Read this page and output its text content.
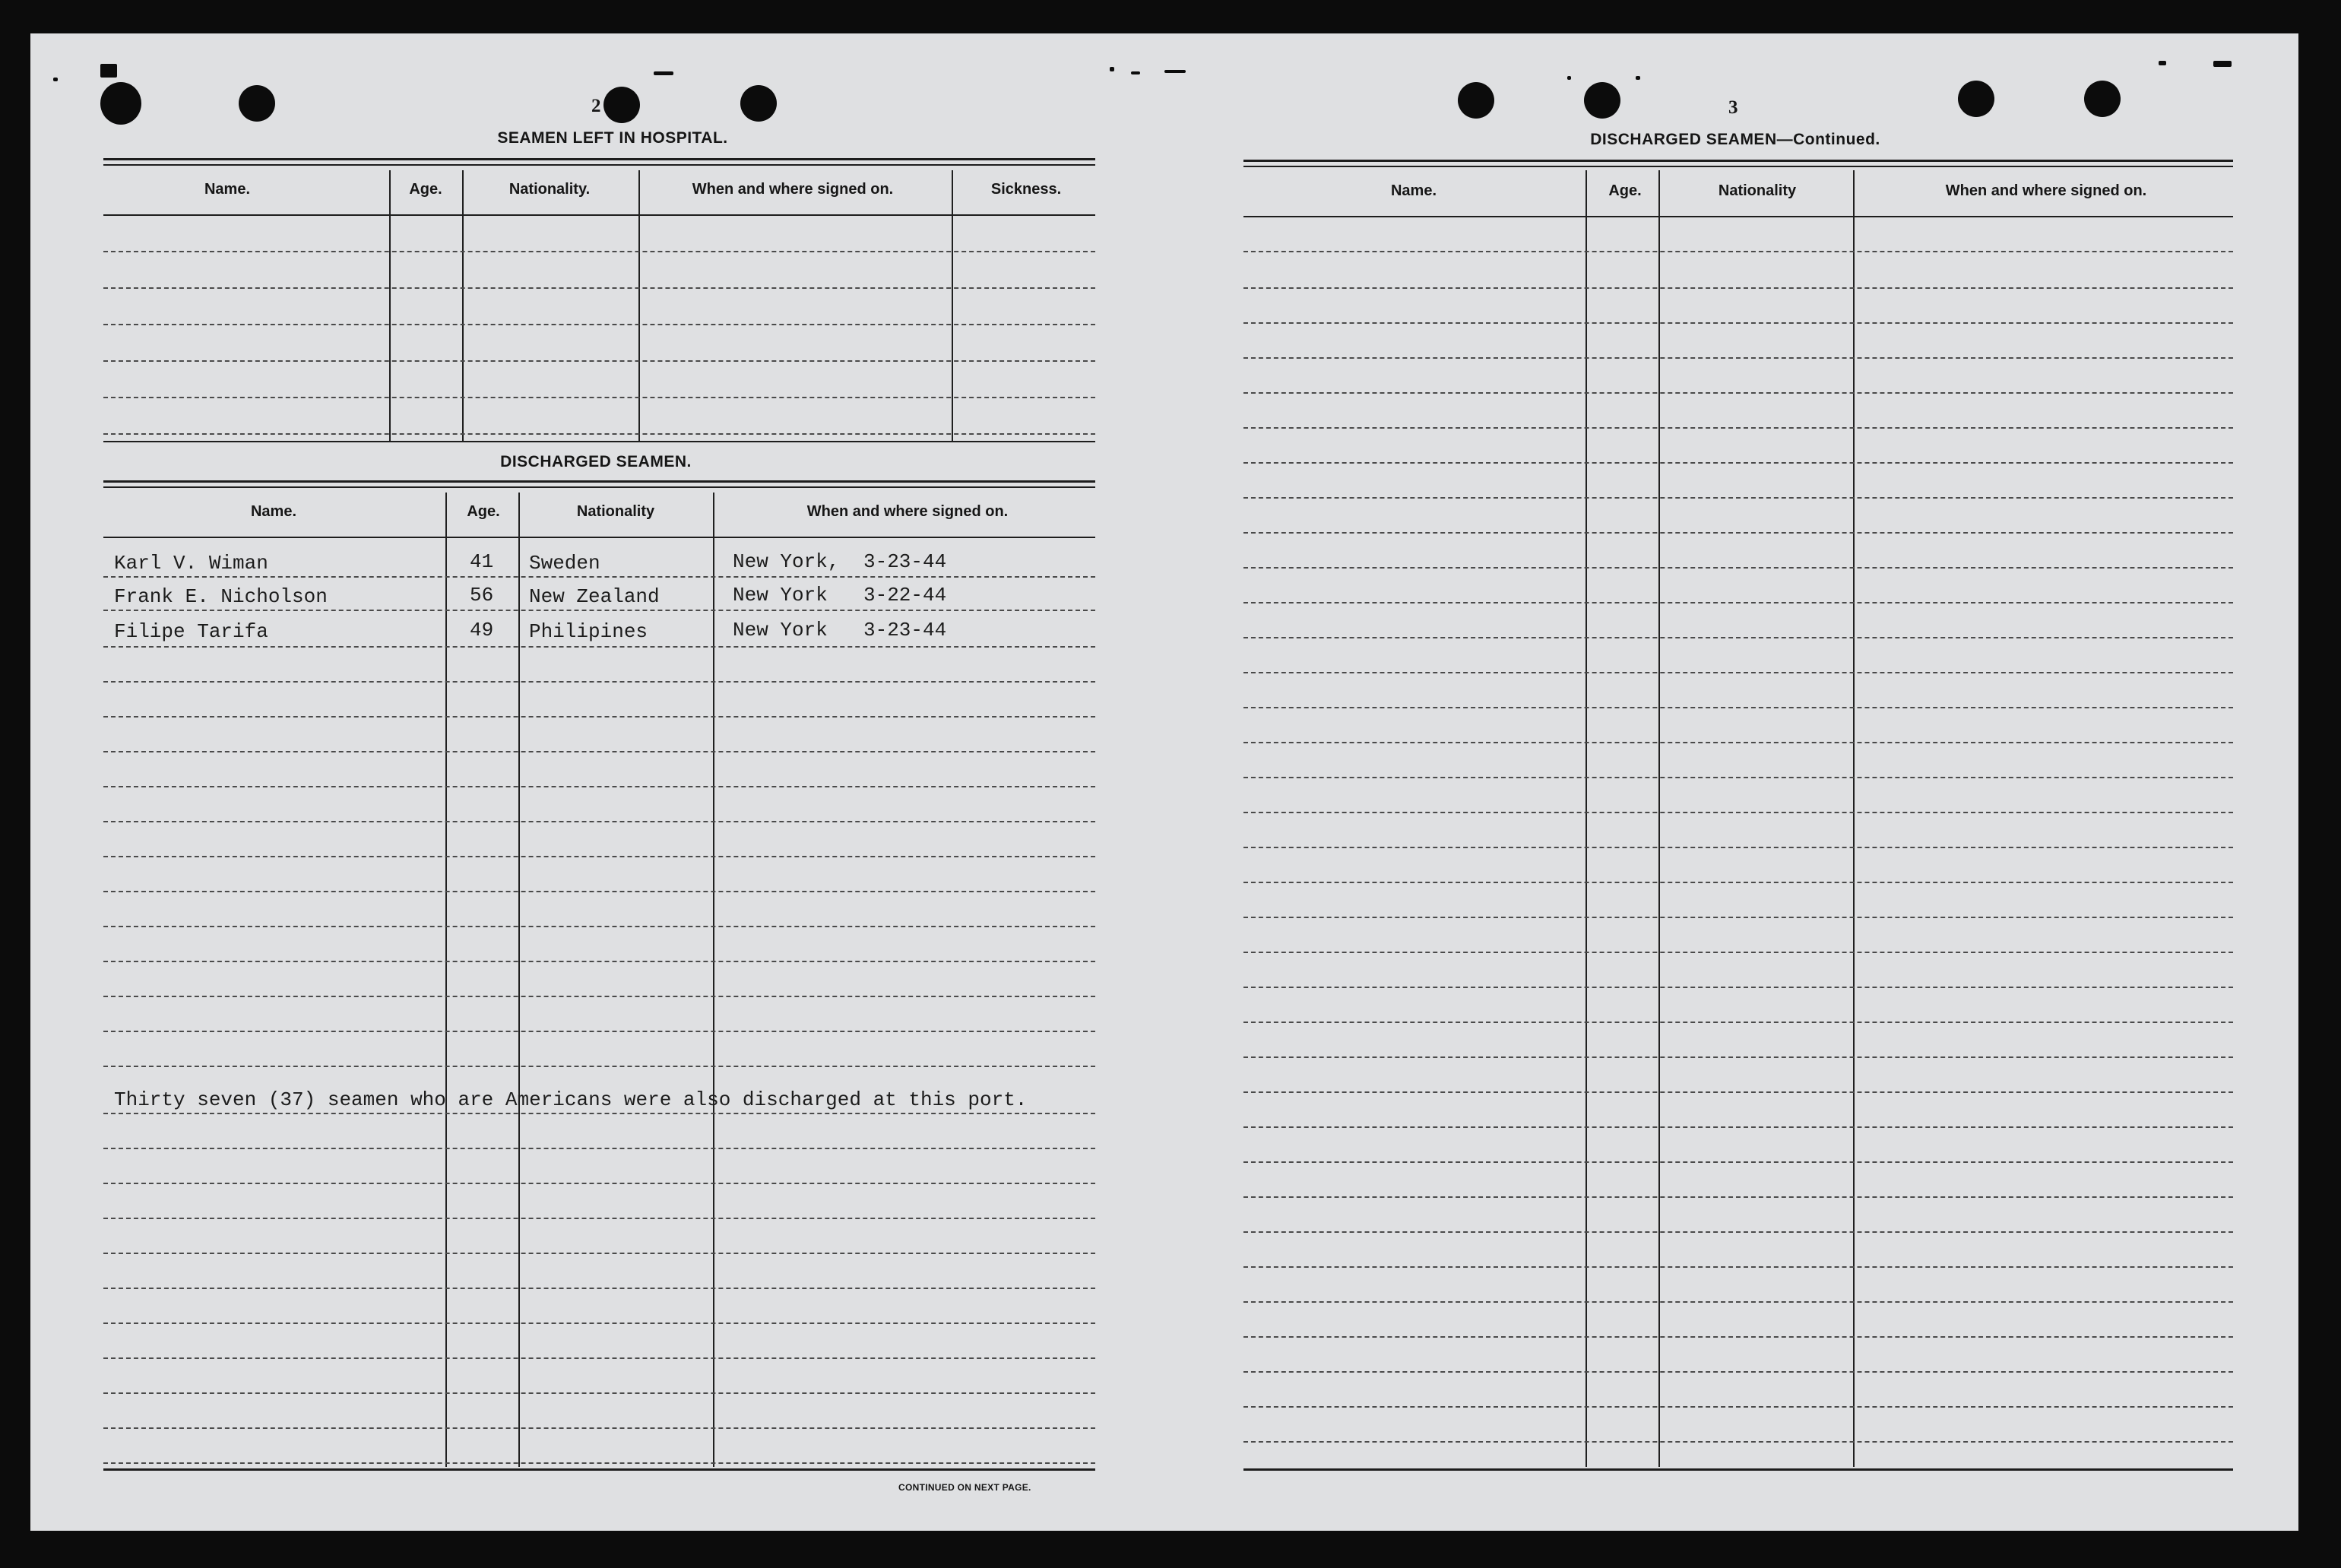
2
SEAMEN LEFT IN HOSPITAL.
Name.	Age.	Nationality.	When and where signed on.	Sickness.
DISCHARGED SEAMEN.
Name.	Age.	Nationality	When and where signed on.
Karl V. Wiman	41 Sweden	New York, 3-23-44
Frank E. Nicholson	56 New Zealand	New York 3-22-44
Filipe Tarifa	49 Philipines	New York 3-23-44
Thirty seven (37) seamen who are Americans were also discharged at this port.
CONTINUED ON NEXT PAGE.
3
DISCHARGED SEAMEN—Continued.
Name.	Age.	Nationality	When and where signed on.
